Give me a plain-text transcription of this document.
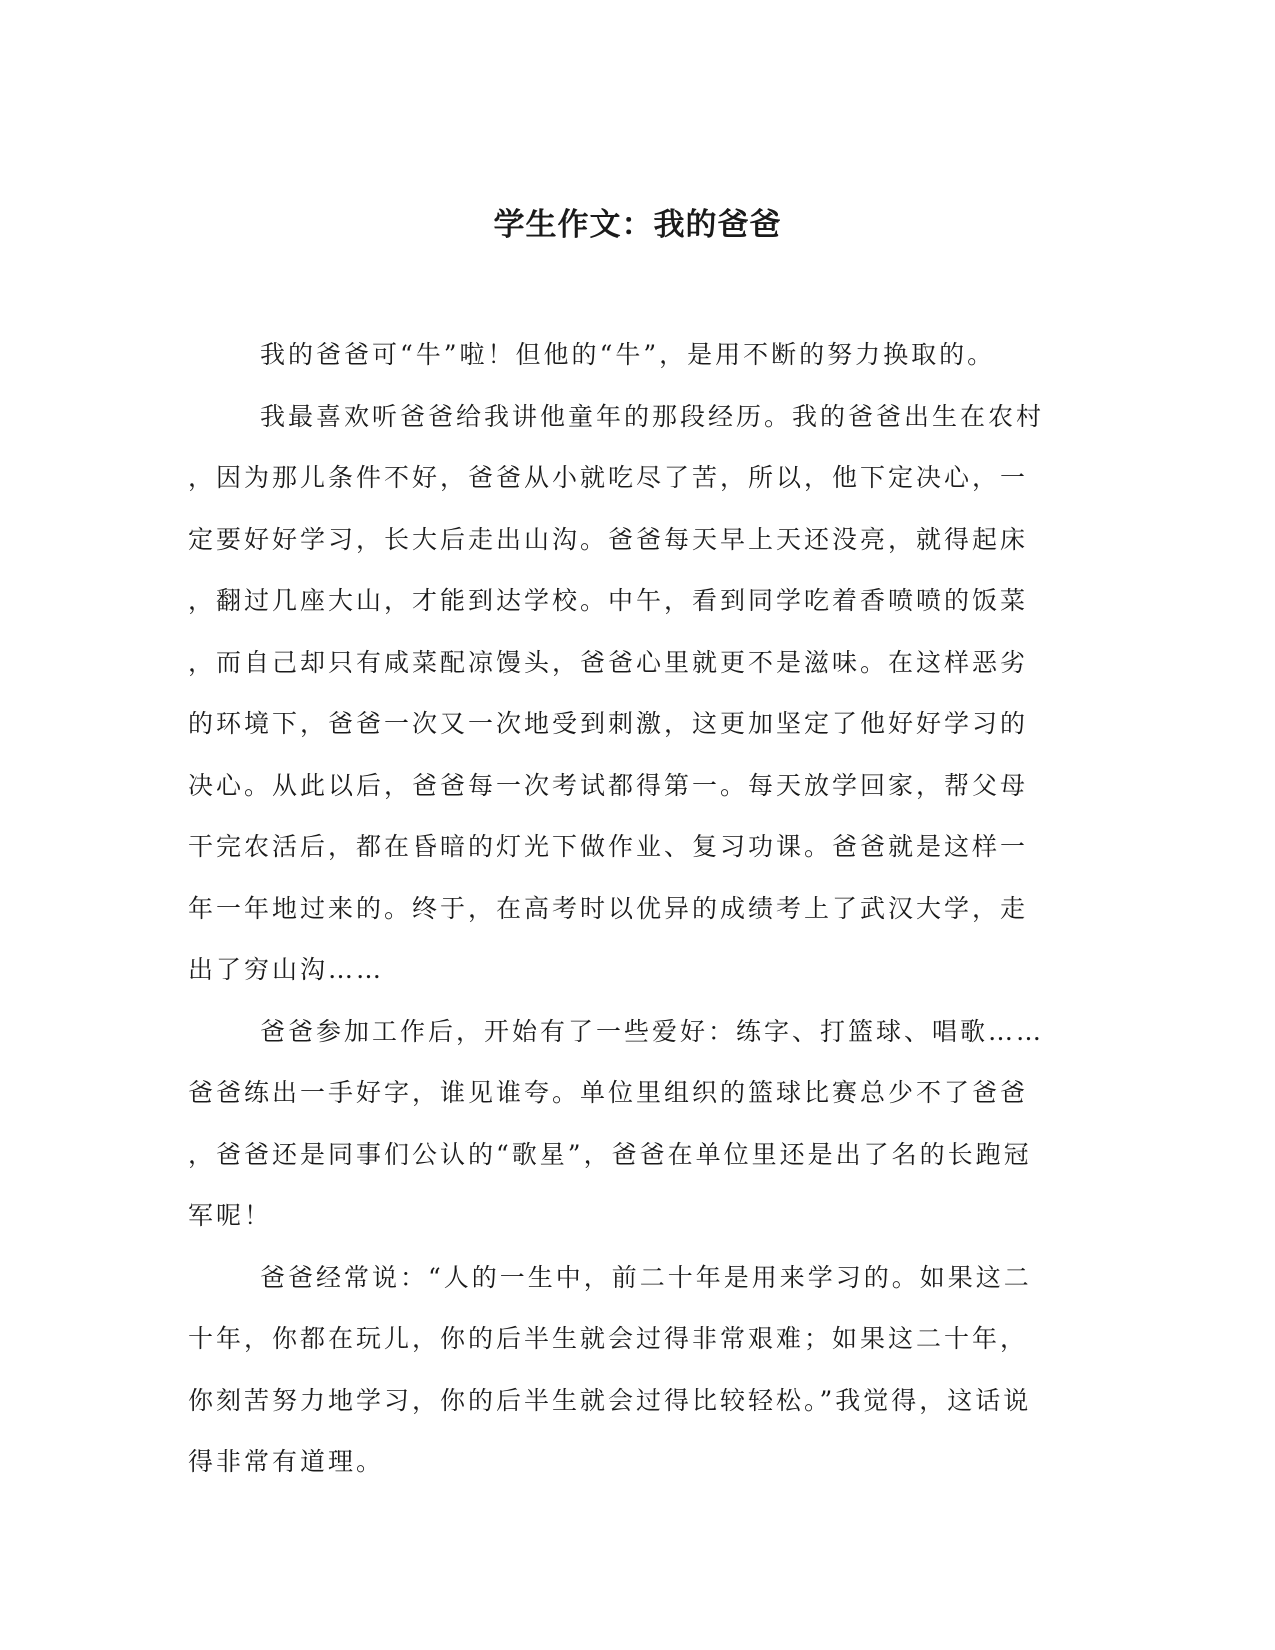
学生作文：我的爸爸
我的爸爸可“牛”啦！但他的“牛”，是用不断的努力换取的。
我最喜欢听爸爸给我讲他童年的那段经历。我的爸爸出生在农村
，因为那儿条件不好，爸爸从小就吃尽了苦，所以，他下定决心，一
定要好好学习，长大后走出山沟。爸爸每天早上天还没亮，就得起床
，翻过几座大山，才能到达学校。中午，看到同学吃着香喷喷的饭菜
，而自己却只有咸菜配凉馒头，爸爸心里就更不是滋味。在这样恶劣
的环境下，爸爸一次又一次地受到刺激，这更加坚定了他好好学习的
决心。从此以后，爸爸每一次考试都得第一。每天放学回家，帮父母
干完农活后，都在昏暗的灯光下做作业、复习功课。爸爸就是这样一
年一年地过来的。终于，在高考时以优异的成绩考上了武汉大学，走
出了穷山沟……
爸爸参加工作后，开始有了一些爱好：练字、打篮球、唱歌……
爸爸练出一手好字，谁见谁夸。单位里组织的篮球比赛总少不了爸爸
，爸爸还是同事们公认的“歌星”，爸爸在单位里还是出了名的长跑冠
军呢！
爸爸经常说：“人的一生中，前二十年是用来学习的。如果这二
十年，你都在玩儿，你的后半生就会过得非常艰难；如果这二十年，
你刻苦努力地学习，你的后半生就会过得比较轻松。”我觉得，这话说
得非常有道理。
